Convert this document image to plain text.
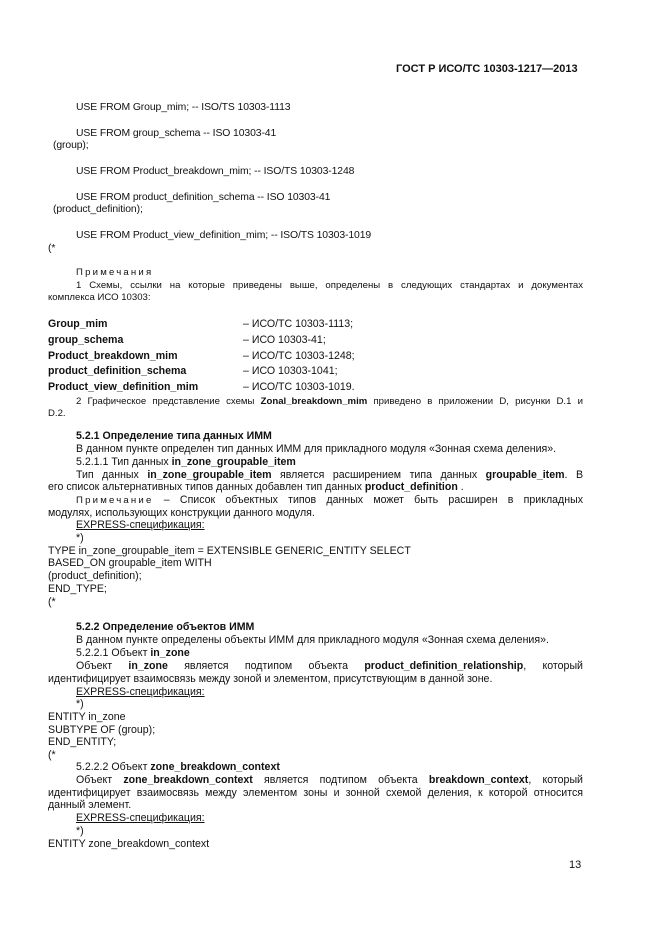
ГОСТ Р ИСО/ТС 10303-1217—2013
USE FROM Group_mim; -- ISO/TS 10303-1113
USE FROM group_schema -- ISO 10303-41
(group);
USE FROM Product_breakdown_mim; -- ISO/TS 10303-1248
USE FROM product_definition_schema -- ISO 10303-41
(product_definition);
USE FROM Product_view_definition_mim; -- ISO/TS 10303-1019
(*
Примечания
1 Схемы, ссылки на которые приведены выше, определены в следующих стандартах и документах
комплекса ИСО 10303:
Group_mim	– ИСО/ТС 10303-1113;
group_schema	– ИСО 10303-41;
Product_breakdown_mim	– ИСО/ТС 10303-1248;
product_definition_schema	– ИСО 10303-1041;
Product_view_definition_mim	– ИСО/ТС 10303-1019.
2 Графическое представление схемы Zonal_breakdown_mim приведено в приложении D, рисунки D.1 и
D.2.
5.2.1 Определение типа данных ИММ
В данном пункте определен тип данных ИММ для прикладного модуля «Зонная схема деления».
5.2.1.1 Тип данных in_zone_groupable_item
Тип данных in_zone_groupable_item является расширением типа данных groupable_item. В
его список альтернативных типов данных добавлен тип данных product_definition .
Примечание – Список объектных типов данных может быть расширен в прикладных
модулях, использующих конструкции данного модуля.
EXPRESS-спецификация:
*)
TYPE in_zone_groupable_item = EXTENSIBLE GENERIC_ENTITY SELECT
BASED_ON groupable_item WITH
(product_definition);
END_TYPE;
(*
5.2.2 Определение объектов ИММ
В данном пункте определены объекты ИММ для прикладного модуля «Зонная схема деления».
5.2.2.1 Объект in_zone
Объект in_zone является подтипом объекта product_definition_relationship, который
идентифицирует взаимосвязь между зоной и элементом, присутствующим в данной зоне.
EXPRESS-спецификация:
*)
ENTITY in_zone
SUBTYPE OF (group);
END_ENTITY;
(*
5.2.2.2 Объект zone_breakdown_context
Объект zone_breakdown_context является подтипом объекта breakdown_context, который
идентифицирует взаимосвязь между элементом зоны и зонной схемой деления, к которой относится
данный элемент.
EXPRESS-спецификация:
*)
ENTITY zone_breakdown_context
13
